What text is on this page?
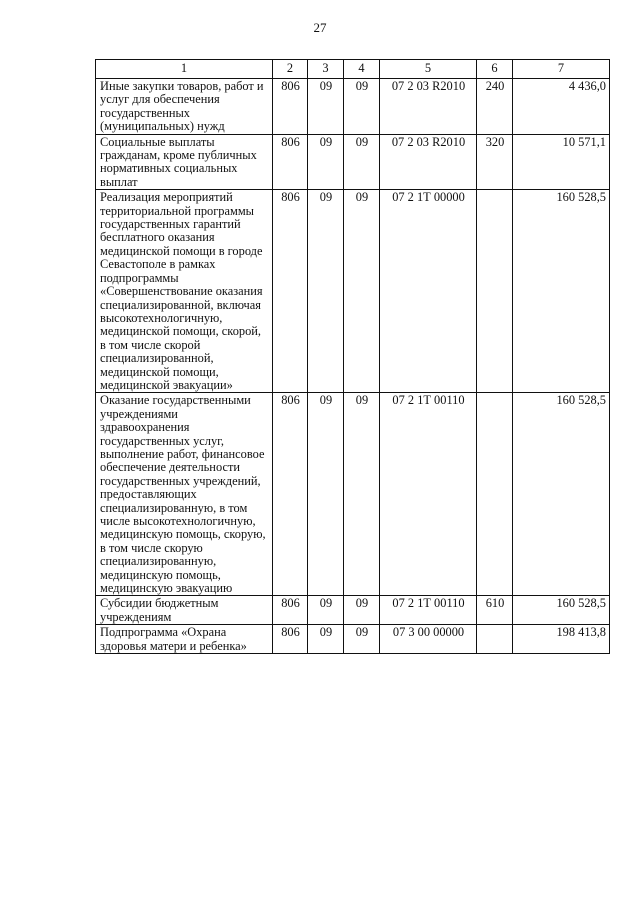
27
1	2	3	4	5	6	7
Иные закупки товаров, работ и услуг для обеспечения государственных (муниципальных) нужд	806	09	09	07 2 03 R2010	240	4 436,0
Социальные выплаты гражданам, кроме публичных нормативных социальных выплат	806	09	09	07 2 03 R2010	320	10 571,1
Реализация мероприятий территориальной программы государственных гарантий бесплатного оказания медицинской помощи в городе Севастополе в рамках подпрограммы «Совершенствование оказания специализированной, включая высокотехнологичную, медицинской помощи, скорой, в том числе скорой специализированной, медицинской помощи, медицинской эвакуации»	806	09	09	07 2 1Т 00000		160 528,5
Оказание государственными учреждениями здравоохранения государственных услуг, выполнение работ, финансовое обеспечение деятельности государственных учреждений, предоставляющих специализированную, в том числе высокотехнологичную, медицинскую помощь, скорую, в том числе скорую специализированную, медицинскую помощь, медицинскую эвакуацию	806	09	09	07 2 1Т 00110		160 528,5
Субсидии бюджетным учреждениям	806	09	09	07 2 1Т 00110	610	160 528,5
Подпрограмма «Охрана здоровья матери и ребенка»	806	09	09	07 3 00 00000		198 413,8
